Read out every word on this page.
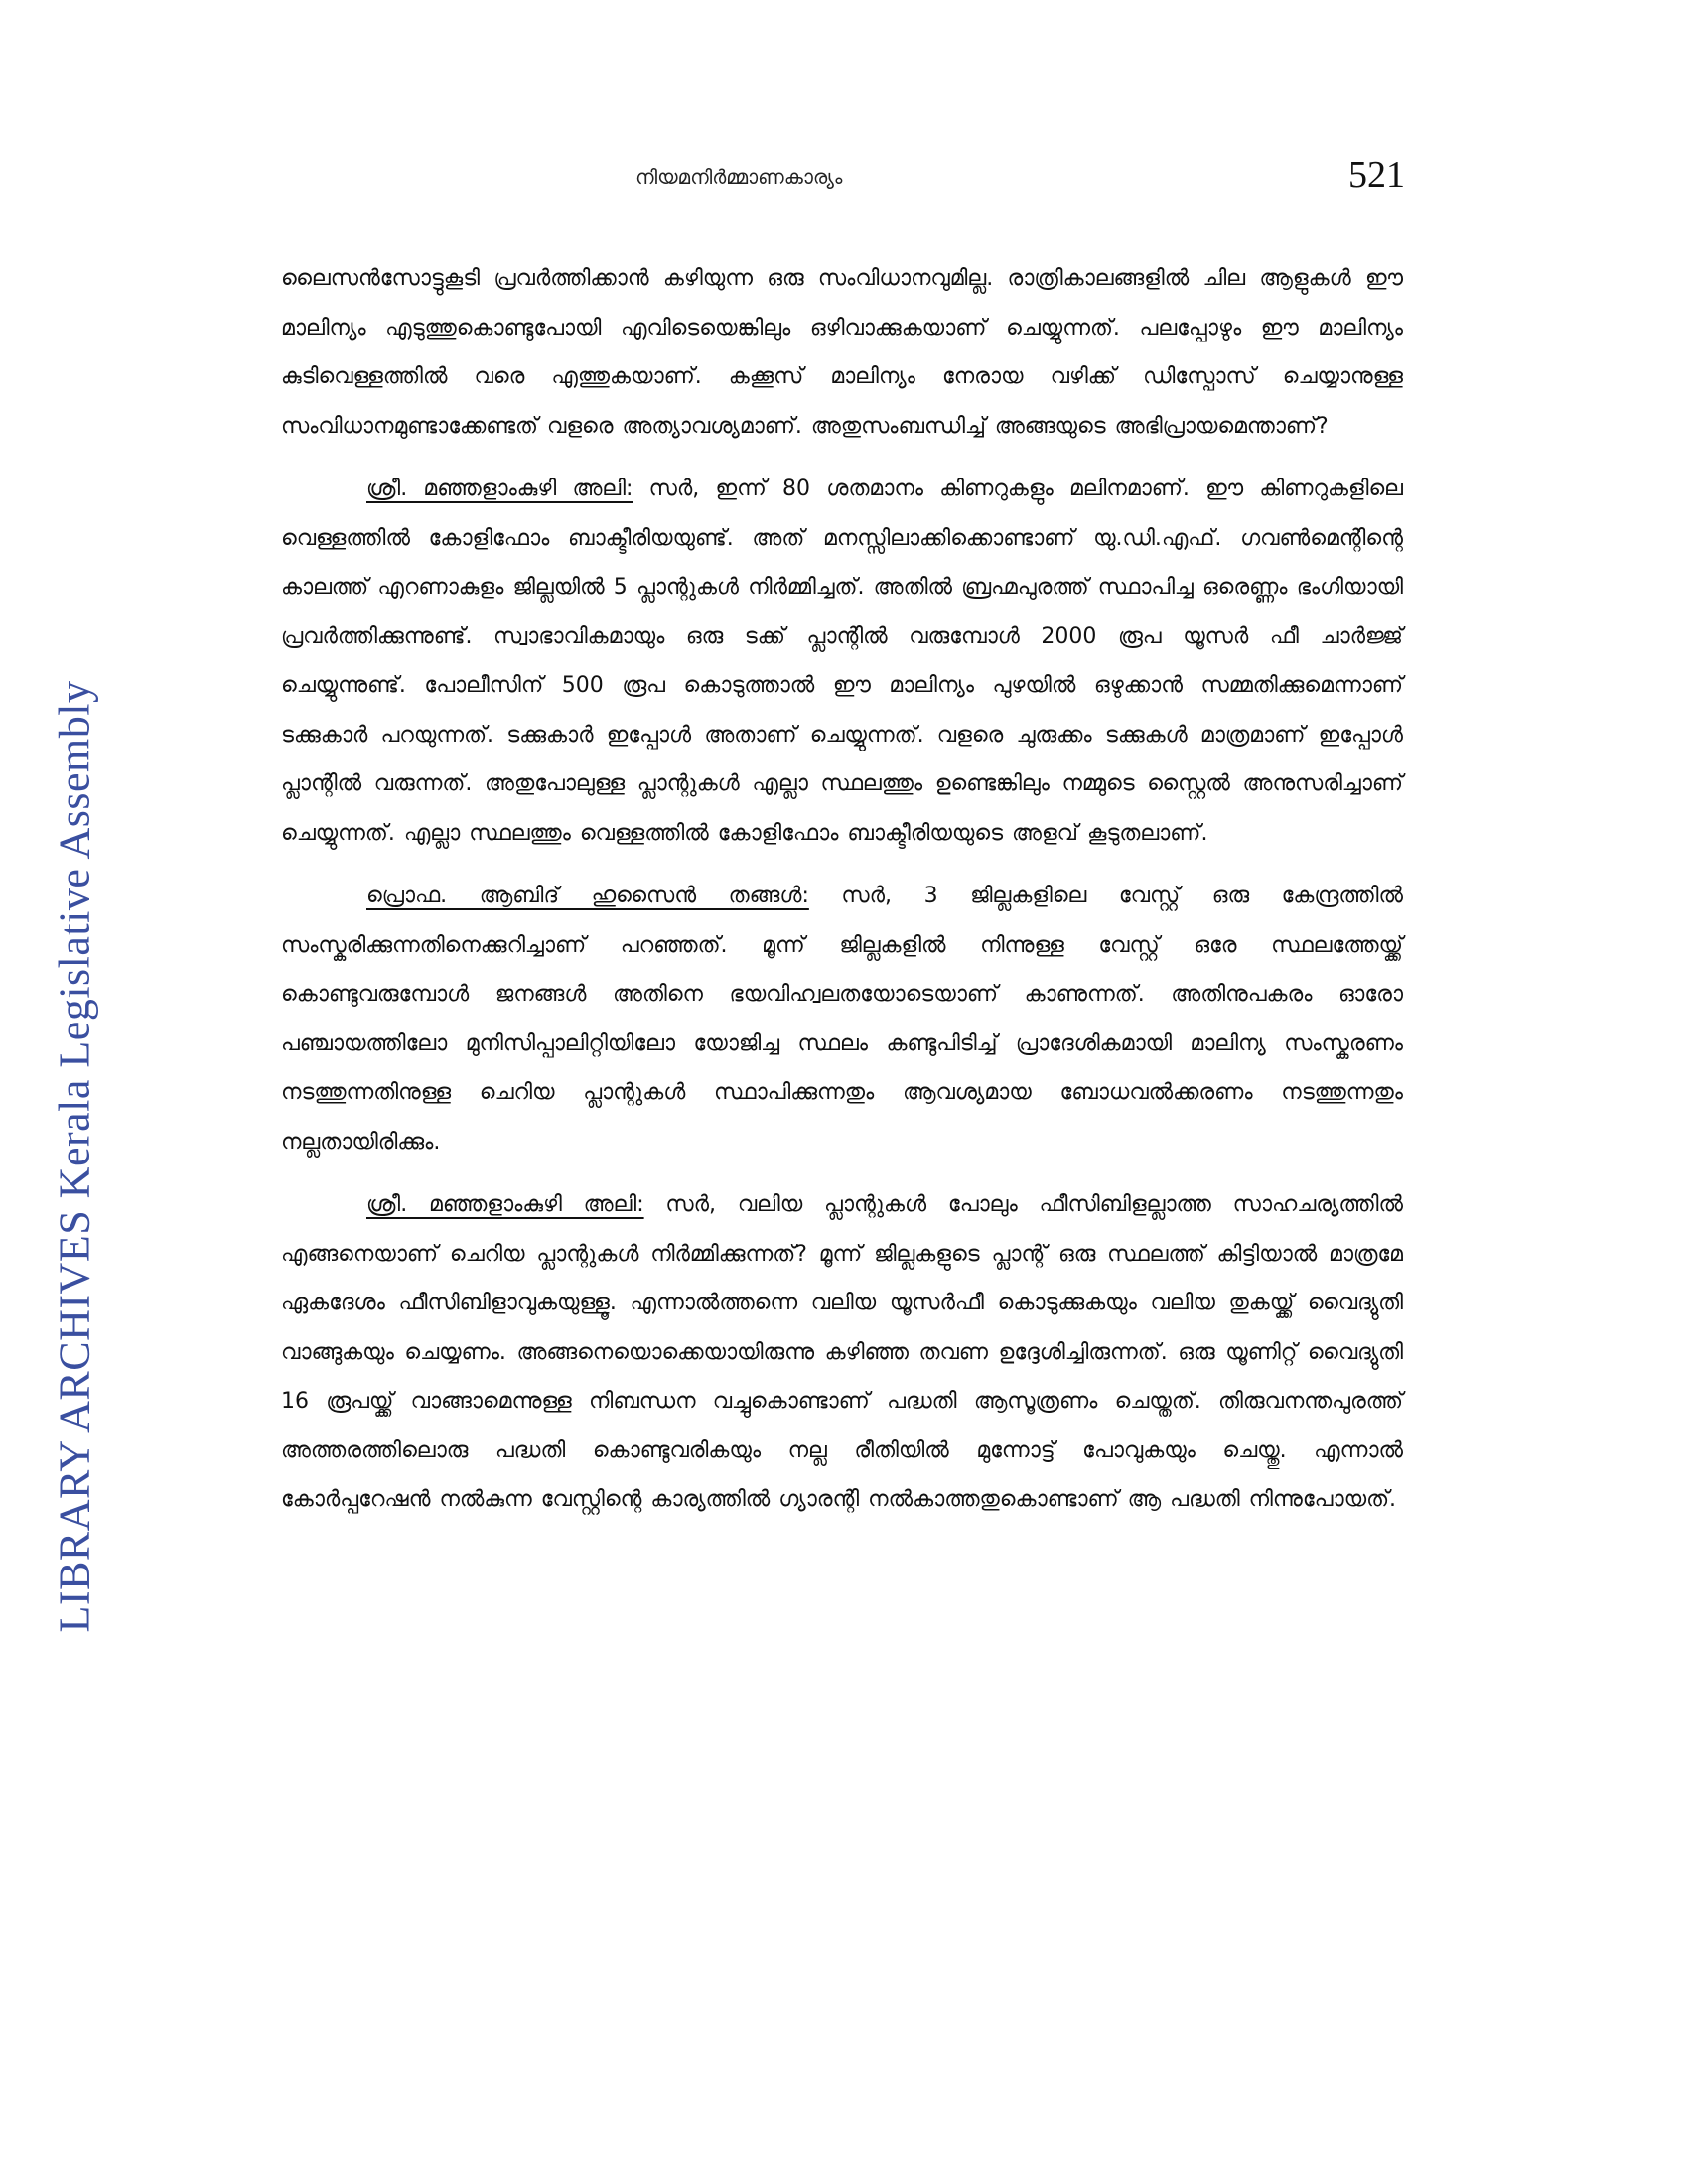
LIBRARY ARCHIVES Kerala Legislative Assembly
നിയമനിർമ്മാണകാര്യം	521

ലൈസൻസോട്ടുകൂടി പ്രവർത്തിക്കാൻ കഴിയുന്ന ഒരു സംവിധാനവുമില്ല. രാത്രികാലങ്ങളിൽ ചില ആളുകൾ ഈ മാലിന്യം എടുത്തുകൊണ്ടുപോയി എവിടെയെങ്കിലും ഒഴിവാക്കുകയാണ് ചെയ്യുന്നത്. പലപ്പോഴും ഈ മാലിന്യം കുടിവെള്ളത്തിൽ വരെ എത്തുകയാണ്. കക്കൂസ് മാലിന്യം നേരായ വഴിക്ക് ഡിസ്പോസ് ചെയ്യാനുള്ള സംവിധാനമുണ്ടാക്കേണ്ടത് വളരെ അത്യാവശ്യമാണ്. അതുസംബന്ധിച്ച് അങ്ങയുടെ അഭിപ്രായമെന്താണ്?

ശ്രീ. മഞ്ഞളാംകുഴി അലി: സർ, ഇന്ന് 80 ശതമാനം കിണറുകളും മലിനമാണ്. ഈ കിണറുകളിലെ വെള്ളത്തിൽ കോളിഫോം ബാക്ടീരിയയുണ്ട്. അത് മനസ്സിലാക്കിക്കൊണ്ടാണ് യു.ഡി.എഫ്. ഗവൺമെന്റിന്റെ കാലത്ത് എറണാകുളം ജില്ലയിൽ 5 പ്ലാന്റുകൾ നിർമ്മിച്ചത്. അതിൽ ബ്രഹ്മപുരത്ത് സ്ഥാപിച്ച ഒരെണ്ണം ഭംഗിയായി പ്രവർത്തിക്കുന്നുണ്ട്. സ്വാഭാവികമായും ഒരു ടക്ക് പ്ലാന്റിൽ വരുമ്പോൾ 2000 രൂപ യൂസർ ഫീ ചാർജ്ജ് ചെയ്യുന്നുണ്ട്. പോലീസിന് 500 രൂപ കൊടുത്താൽ ഈ മാലിന്യം പുഴയിൽ ഒഴുക്കാൻ സമ്മതിക്കുമെന്നാണ് ടക്കുകാർ പറയുന്നത്. ടക്കുകാർ ഇപ്പോൾ അതാണ് ചെയ്യുന്നത്. വളരെ ചുരുക്കം ടക്കുകൾ മാത്രമാണ് ഇപ്പോൾ പ്ലാന്റിൽ വരുന്നത്. അതുപോലുള്ള പ്ലാന്റുകൾ എല്ലാ സ്ഥലത്തും ഉണ്ടെങ്കിലും നമ്മുടെ സ്റ്റൈൽ അനുസരിച്ചാണ് ചെയ്യുന്നത്. എല്ലാ സ്ഥലത്തും വെള്ളത്തിൽ കോളിഫോം ബാക്ടീരിയയുടെ അളവ് കൂടുതലാണ്.

പ്രൊഫ. ആബിദ് ഹുസൈൻ തങ്ങൾ: സർ, 3 ജില്ലകളിലെ വേസ്റ്റ് ഒരു കേന്ദ്രത്തിൽ സംസ്കരിക്കുന്നതിനെക്കുറിച്ചാണ് പറഞ്ഞത്. മൂന്ന് ജില്ലകളിൽ നിന്നുള്ള വേസ്റ്റ് ഒരേ സ്ഥലത്തേയ്ക്ക് കൊണ്ടുവരുമ്പോൾ ജനങ്ങൾ അതിനെ ഭയവിഹ്വലതയോടെയാണ് കാണുന്നത്. അതിനുപകരം ഓരോ പഞ്ചായത്തിലോ മുനിസിപ്പാലിറ്റിയിലോ യോജിച്ച സ്ഥലം കണ്ടുപിടിച്ച് പ്രാദേശികമായി മാലിന്യ സംസ്കരണം നടത്തുന്നതിനുള്ള ചെറിയ പ്ലാന്റുകൾ സ്ഥാപിക്കുന്നതും ആവശ്യമായ ബോധവൽക്കരണം നടത്തുന്നതും നല്ലതായിരിക്കും.

ശ്രീ. മഞ്ഞളാംകുഴി അലി: സർ, വലിയ പ്ലാന്റുകൾ പോലും ഫീസിബിളല്ലാത്ത സാഹചര്യത്തിൽ എങ്ങനെയാണ് ചെറിയ പ്ലാന്റുകൾ നിർമ്മിക്കുന്നത്? മൂന്ന് ജില്ലകളുടെ പ്ലാന്റ് ഒരു സ്ഥലത്ത് കിട്ടിയാൽ മാത്രമേ ഏകദേശം ഫീസിബിളാവുകയുള്ളൂ. എന്നാൽത്തന്നെ വലിയ യൂസർഫീ കൊടുക്കുകയും വലിയ തുകയ്ക്ക് വൈദ്യുതി വാങ്ങുകയും ചെയ്യണം. അങ്ങനെയൊക്കെയായിരുന്നു കഴിഞ്ഞ തവണ ഉദ്ദേശിച്ചിരുന്നത്. ഒരു യൂണിറ്റ് വൈദ്യുതി 16 രൂപയ്ക്ക് വാങ്ങാമെന്നുള്ള നിബന്ധന വച്ചുകൊണ്ടാണ് പദ്ധതി ആസൂത്രണം ചെയ്തത്. തിരുവനന്തപുരത്ത് അത്തരത്തിലൊരു പദ്ധതി കൊണ്ടുവരികയും നല്ല രീതിയിൽ മുന്നോട്ട് പോവുകയും ചെയ്തു. എന്നാൽ കോർപ്പറേഷൻ നൽകുന്ന വേസ്റ്റിന്റെ കാര്യത്തിൽ ഗ്യാരന്റി നൽകാത്തതുകൊണ്ടാണ് ആ പദ്ധതി നിന്നുപോയത്.
